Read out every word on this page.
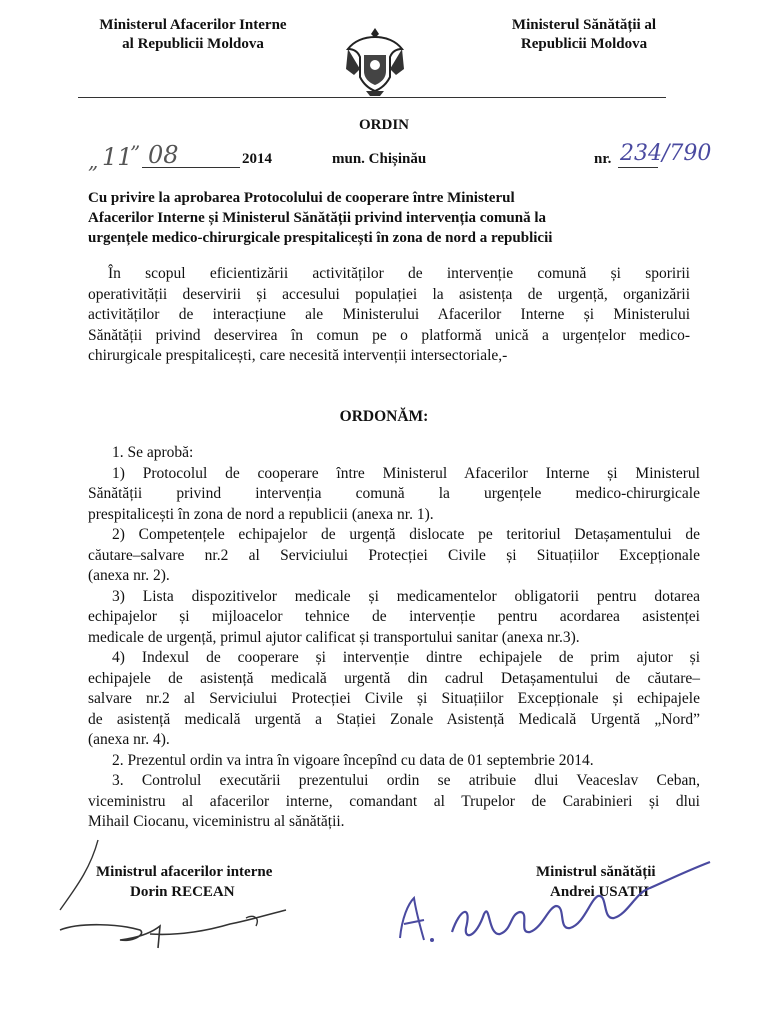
Ministerul Afacerilor Interne
al Republicii Moldova
Ministerul Sănătății al
Republicii Moldova
ORDIN
„ 11
” 08	2014	mun. Chișinău	nr. 234/790
Cu privire la aprobarea Protocolului de cooperare între Ministerul
Afacerilor Interne și Ministerul Sănătății privind intervenția comună la
urgențele medico-chirurgicale prespitalicești în zona de nord a republicii
În scopul eficientizării activităților de intervenție comună și sporirii
operativității deservirii și accesului populației la asistența de urgență, organizării
activităților de interacțiune ale Ministerului Afacerilor Interne și Ministerului
Sănătății privind deservirea în comun pe o platformă unică a urgențelor medico-
chirurgicale prespitalicești, care necesită intervenții intersectoriale,-
ORDONĂM:
1. Se aprobă:
1) Protocolul de cooperare între Ministerul Afacerilor Interne și Ministerul
Sănătății privind intervenția comună la urgențele medico-chirurgicale
prespitalicești în zona de nord a republicii (anexa nr. 1).
2) Competențele echipajelor de urgență dislocate pe teritoriul Detașamentului de
căutare–salvare nr.2 al Serviciului Protecției Civile și Situațiilor Excepționale
(anexa nr. 2).
3) Lista dispozitivelor medicale și medicamentelor obligatorii pentru dotarea
echipajelor și mijloacelor tehnice de intervenție pentru acordarea asistenței
medicale de urgență, primul ajutor calificat și transportului sanitar (anexa nr.3).
4) Indexul de cooperare și intervenție dintre echipajele de prim ajutor și
echipajele de asistență medicală urgentă din cadrul Detașamentului de căutare–
salvare nr.2 al Serviciului Protecției Civile și Situațiilor Excepționale și echipajele
de asistență medicală urgentă a Stației Zonale Asistență Medicală Urgentă „Nord”
(anexa nr. 4).
2. Prezentul ordin va intra în vigoare începînd cu data de 01 septembrie 2014.
3. Controlul executării prezentului ordin se atribuie dlui Veaceslav Ceban,
viceministru al afacerilor interne, comandant al Trupelor de Carabinieri și dlui
Mihail Ciocanu, viceministru al sănătății.
Ministrul afacerilor interne
Dorin RECEAN
Ministrul sănătății
Andrei USATII
